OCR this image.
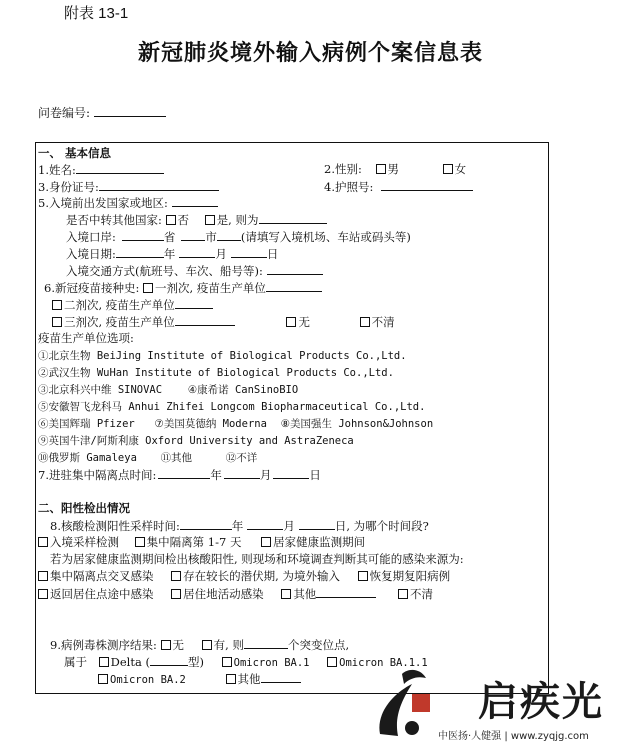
附表 13-1
新冠肺炎境外输入病例个案信息表
问卷编号:
一、 基本信息
1.姓名:	2.性别: 男	女
3.身份证号:	4.护照号:
5.入境前出发国家或地区:
是否中转其他国家: 否 是, 则为
入境口岸:	省	市 (请填写入境机场、车站或码头等)
入境日期:	年	月	日
入境交通方式(航班号、车次、船号等):
6.新冠疫苗接种史: 一剂次, 疫苗生产单位
二剂次, 疫苗生产单位
三剂次, 疫苗生产单位	无	不清
疫苗生产单位选项:
①北京生物 BeiJing Institute of Biological Products Co.,Ltd.
②武汉生物 WuHan Institute of Biological Products Co.,Ltd.
③北京科兴中维 SINOVAC ④康希诺 CanSinoBIO
⑤安徽智飞龙科马 Anhui Zhifei Longcom Biopharmaceutical Co.,Ltd.
⑥美国辉瑞 Pfizer ⑦美国莫德纳 Moderna ⑧美国强生 Johnson&Johnson
⑨英国牛津/阿斯利康 Oxford University and AstraZeneca
⑩俄罗斯 Gamaleya ⑪其他	⑫不详
7.进驻集中隔离点时间:	年	月	日
二、阳性检出情况
8.核酸检测阳性采样时间:	年	月	日, 为哪个时间段?
入境采样检测 集中隔离第 1-7 天	居家健康监测期间
若为居家健康监测期间检出核酸阳性, 则现场和环境调查判断其可能的感染来源为:
集中隔离点交叉感染	存在较长的潜伏期, 为境外输入	恢复期复阳病例
返回居住点途中感染	居住地活动感染	其他	不清
9.病例毒株测序结果: 无	有, 则	个突变位点,
属于 Delta (	型)	Omicron BA.1	Omicron BA.1.1
Omicron BA.2	其他	启疾光
中医扬·人健强 | www.zyqjg.com
